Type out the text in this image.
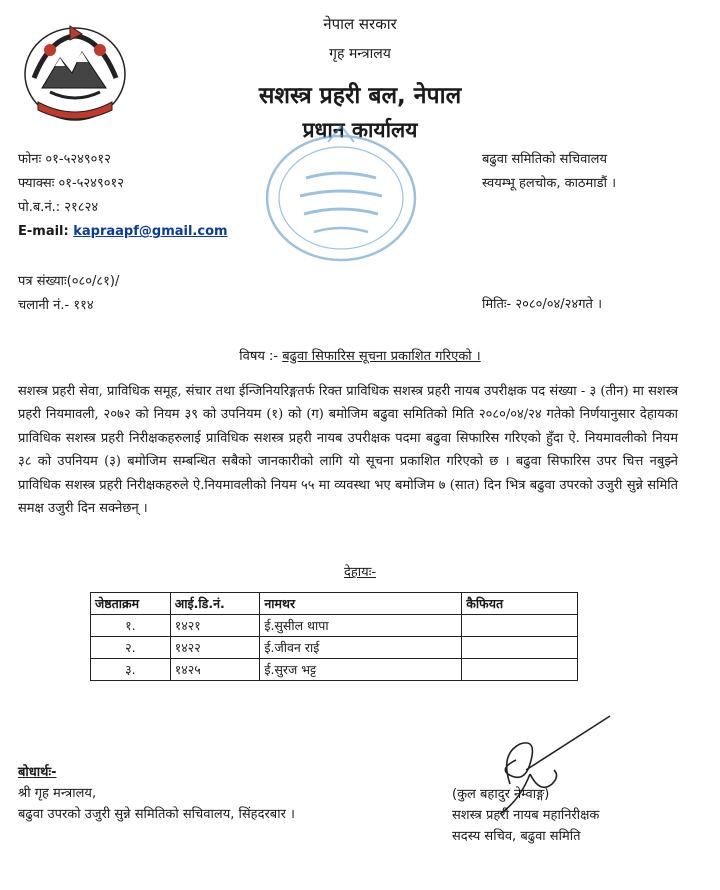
नेपाल सरकार
गृह मन्त्रालय
सशस्त्र प्रहरी बल, नेपाल
प्रधान कार्यालय
फोनः ०१-५२४९०१२
फ्याक्सः ०१-५२४९०१२
पो.ब.नं.: २१८२४
E-mail: kapraapf@gmail.com
बढुवा समितिको सचिवालय
स्वयम्भू हलचोक, काठमाडौं ।
पत्र संख्याः(०८०/८१)/
चलानी नं.- ११४	मितिः- २०८०/०४/२४गते ।
विषय :- बढुवा सिफारिस सूचना प्रकाशित गरिएको ।
सशस्त्र प्रहरी सेवा, प्राविधिक समूह, संचार तथा ईन्जिनियरिङ्गतर्फ रिक्त प्राविधिक सशस्त्र प्रहरी नायब उपरीक्षक पद संख्या - ३ (तीन) मा सशस्त्र प्रहरी नियमावली, २०७२ को नियम ३९ को उपनियम (१) को (ग) बमोजिम बढुवा समितिको मिति २०८०/०४/२४ गतेको निर्णयानुसार देहायका प्राविधिक सशस्त्र प्रहरी निरीक्षकहरुलाई प्राविधिक सशस्त्र प्रहरी नायब उपरीक्षक पदमा बढुवा सिफारिस गरिएको हुँदा ऐ. नियमावलीको नियम ३८ को उपनियम (३) बमोजिम सम्बन्धित सबैको जानकारीको लागि यो सूचना प्रकाशित गरिएको छ । बढुवा सिफारिस उपर चित्त नबुझ्ने प्राविधिक सशस्त्र प्रहरी निरीक्षकहरुले ऐ.नियमावलीको नियम ५५ मा व्यवस्था भए बमोजिम ७ (सात) दिन भित्र बढुवा उपरको उजुरी सुन्ने समिति समक्ष उजुरी दिन सक्नेछन् ।
देहायः-
जेष्ठताक्रम	आई.डि.नं.	नामथर	कैफियत
१.	१४२१	ई.सुसील थापा	
२.	१४२२	ई.जीवन राई	
३.	१४२५	ई.सुरज भट्ट	
बोधार्थः-
श्री गृह मन्त्रालय,
बढुवा उपरको उजुरी सुन्ने समितिको सचिवालय, सिंहदरबार ।
(कुल बहादुर नेम्वाङ्ग)
सशस्त्र प्रहरी नायब महानिरीक्षक
सदस्य सचिव, बढुवा समिति
